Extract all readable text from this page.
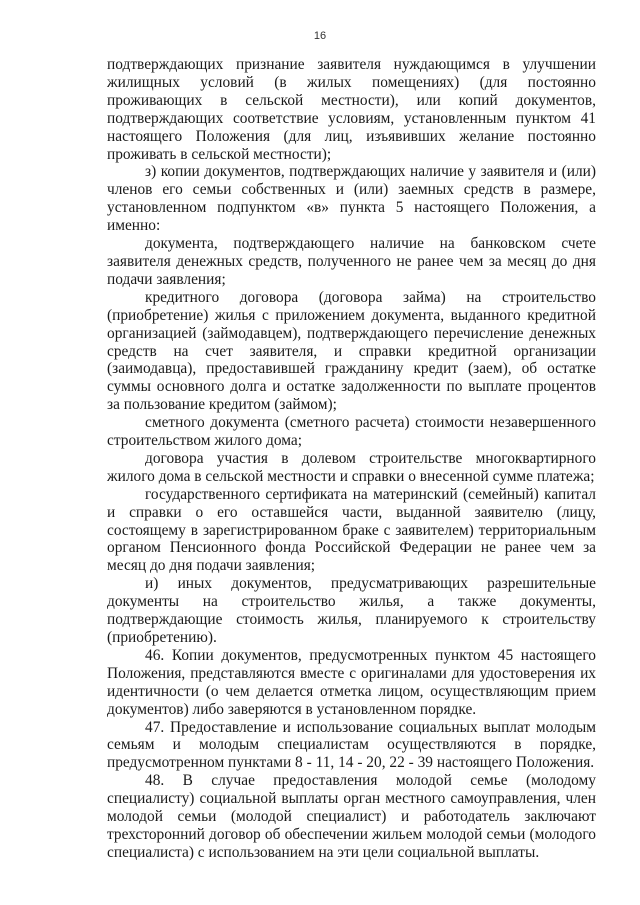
16

подтверждающих признание заявителя нуждающимся в улучшении жилищных условий (в жилых помещениях) (для постоянно проживающих в сельской местности), или копий документов, подтверждающих соответствие условиям, установленным пунктом 41 настоящего Положения (для лиц, изъявивших желание постоянно проживать в сельской местности);

з) копии документов, подтверждающих наличие у заявителя и (или) членов его семьи собственных и (или) заемных средств в размере, установленном подпунктом «в» пункта 5 настоящего Положения, а именно:

документа, подтверждающего наличие на банковском счете заявителя денежных средств, полученного не ранее чем за месяц до дня подачи заявления;

кредитного договора (договора займа) на строительство (приобретение) жилья с приложением документа, выданного кредитной организацией (займодавцем), подтверждающего перечисление денежных средств на счет заявителя, и справки кредитной организации (заимодавца), предоставившей гражданину кредит (заем), об остатке суммы основного долга и остатке задолженности по выплате процентов за пользование кредитом (займом);

сметного документа (сметного расчета) стоимости незавершенного строительством жилого дома;

договора участия в долевом строительстве многоквартирного жилого дома в сельской местности и справки о внесенной сумме платежа;

государственного сертификата на материнский (семейный) капитал и справки о его оставшейся части, выданной заявителю (лицу, состоящему в зарегистрированном браке с заявителем) территориальным органом Пенсионного фонда Российской Федерации не ранее чем за месяц до дня подачи заявления;

и) иных документов, предусматривающих разрешительные документы на строительство жилья, а также документы, подтверждающие стоимость жилья, планируемого к строительству (приобретению).

46. Копии документов, предусмотренных пунктом 45 настоящего Положения, представляются вместе с оригиналами для удостоверения их идентичности (о чем делается отметка лицом, осуществляющим прием документов) либо заверяются в установленном порядке.

47. Предоставление и использование социальных выплат молодым семьям и молодым специалистам осуществляются в порядке, предусмотренном пунктами 8 - 11, 14 - 20, 22 - 39 настоящего Положения.

48. В случае предоставления молодой семье (молодому специалисту) социальной выплаты орган местного самоуправления, член молодой семьи (молодой специалист) и работодатель заключают трехсторонний договор об обеспечении жильем молодой семьи (молодого специалиста) с использованием на эти цели социальной выплаты.
